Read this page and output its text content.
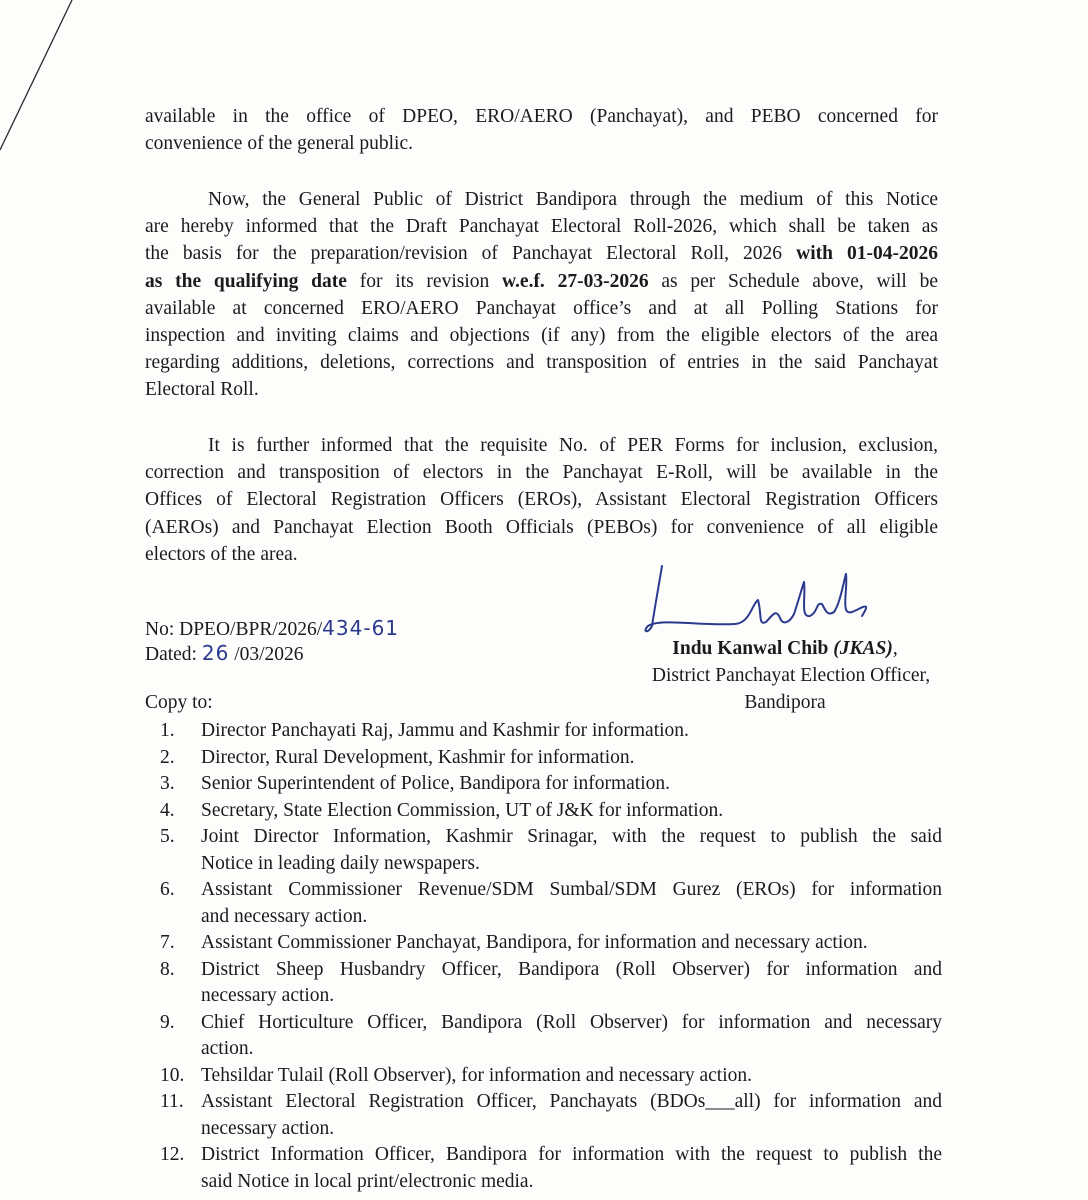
available in the office of DPEO, ERO/AERO (Panchayat), and PEBO concerned for
convenience of the general public.
Now, the General Public of District Bandipora through the medium of this Notice
are hereby informed that the Draft Panchayat Electoral Roll-2026, which shall be taken as
the basis for the preparation/revision of Panchayat Electoral Roll, 2026 with 01-04-2026
as the qualifying date for its revision w.e.f. 27-03-2026 as per Schedule above, will be
available at concerned ERO/AERO Panchayat office’s and at all Polling Stations for
inspection and inviting claims and objections (if any) from the eligible electors of the area
regarding additions, deletions, corrections and transposition of entries in the said Panchayat
Electoral Roll.
It is further informed that the requisite No. of PER Forms for inclusion, exclusion,
correction and transposition of electors in the Panchayat E-Roll, will be available in the
Offices of Electoral Registration Officers (EROs), Assistant Electoral Registration Officers
(AEROs) and Panchayat Election Booth Officials (PEBOs) for convenience of all eligible
electors of the area.
No: DPEO/BPR/2026/434-61
Dated: 26 /03/2026	Indu Kanwal Chib (JKAS),
District Panchayat Election Officer,
Bandipora
Copy to:
1.	Director Panchayati Raj, Jammu and Kashmir for information.
2.	Director, Rural Development, Kashmir for information.
3.	Senior Superintendent of Police, Bandipora for information.
4.	Secretary, State Election Commission, UT of J&K for information.
5.	Joint Director Information, Kashmir Srinagar, with the request to publish the said
Notice in leading daily newspapers.
6.	Assistant Commissioner Revenue/SDM Sumbal/SDM Gurez (EROs) for information
and necessary action.
7.	Assistant Commissioner Panchayat, Bandipora, for information and necessary action.
8.	District Sheep Husbandry Officer, Bandipora (Roll Observer) for information and
necessary action.
9.	Chief Horticulture Officer, Bandipora (Roll Observer) for information and necessary
action.
10. Tehsildar Tulail (Roll Observer), for information and necessary action.
11. Assistant Electoral Registration Officer, Panchayats (BDOs___all) for information and
necessary action.
12. District Information Officer, Bandipora for information with the request to publish the
said Notice in local print/electronic media.
